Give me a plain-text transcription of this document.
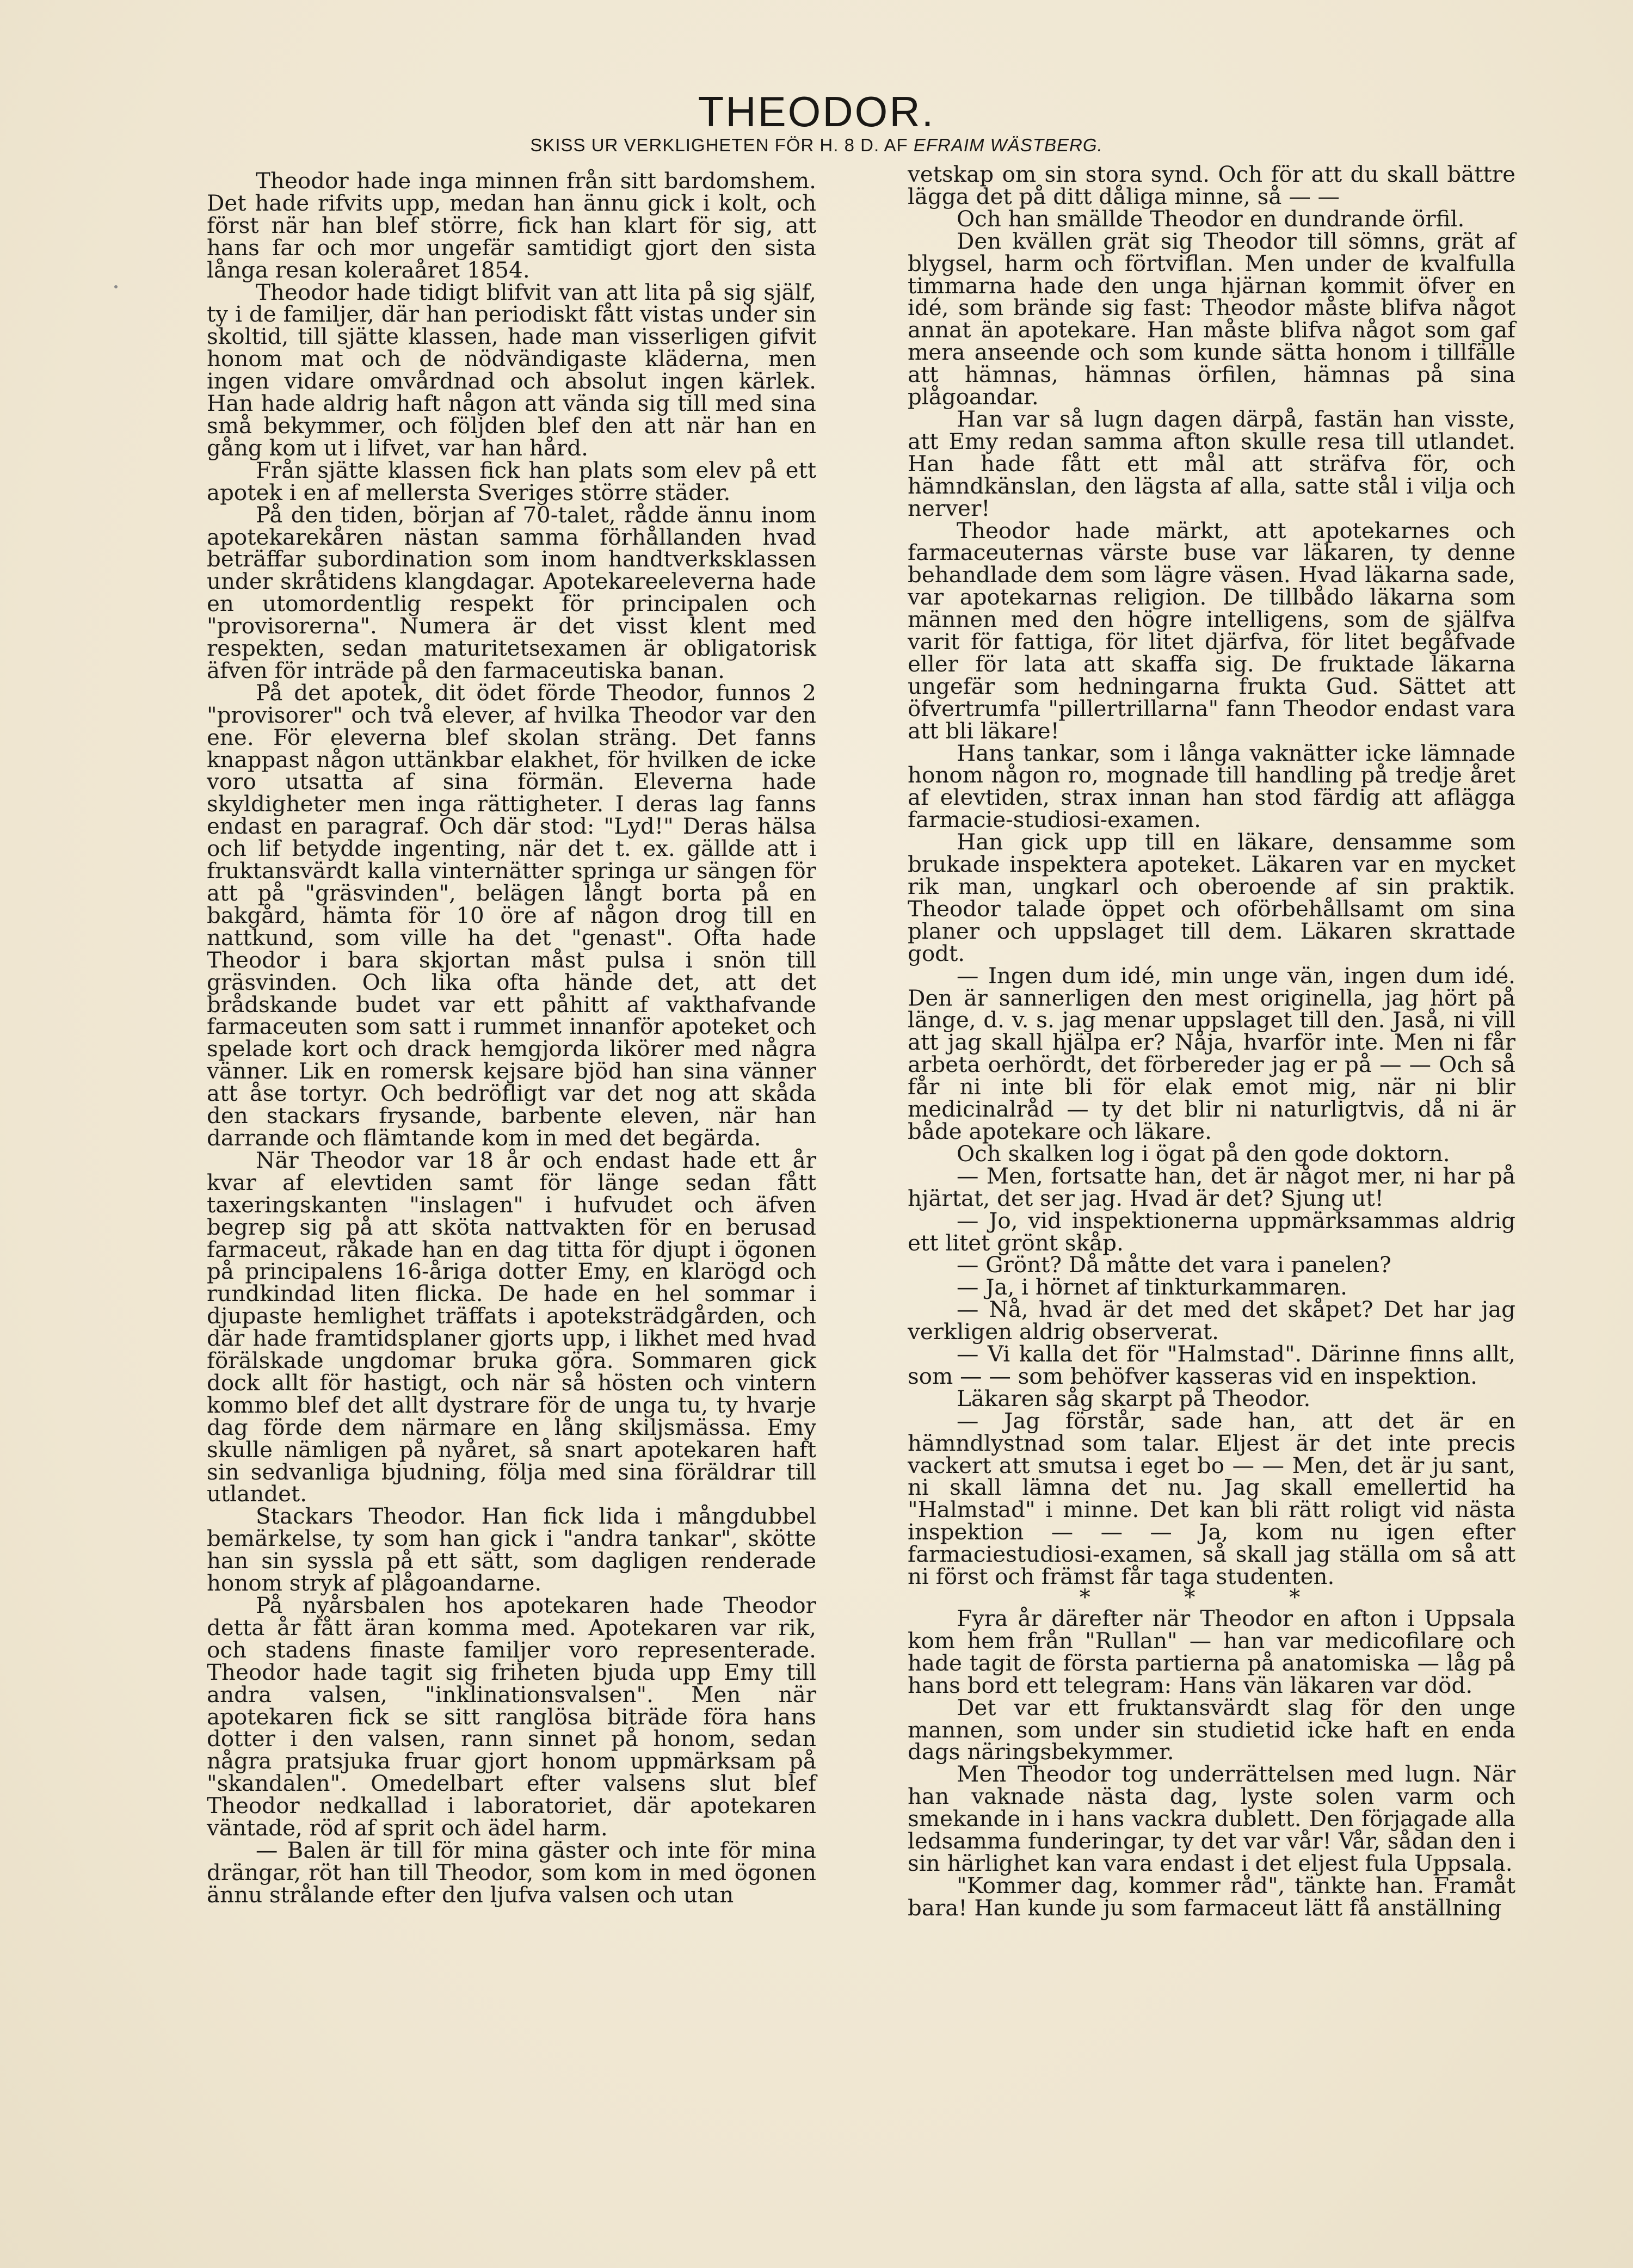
THEODOR.
SKISS UR VERKLIGHETEN FÖR H. 8 D. AF EFRAIM WÄSTBERG.

Theodor hade inga minnen från sitt bardomshem. Det hade rifvits upp, medan han ännu gick i kolt, och först när han blef större, fick han klart för sig, att hans far och mor ungefär samtidigt gjort den sista långa resan koleraåret 1854.

Theodor hade tidigt blifvit van att lita på sig själf, ty i de familjer, där han periodiskt fått vistas under sin skoltid, till sjätte klassen, hade man visserligen gifvit honom mat och de nödvändigaste kläderna, men ingen vidare omvårdnad och absolut ingen kärlek. Han hade aldrig haft någon att vända sig till med sina små bekymmer, och följden blef den att när han en gång kom ut i lifvet, var han hård.

Från sjätte klassen fick han plats som elev på ett apotek i en af mellersta Sveriges större städer.

På den tiden, början af 70-talet, rådde ännu inom apotekarekåren nästan samma förhållanden hvad beträffar subordination som inom handtverksklassen under skråtidens klangdagar. Apotekareeleverna hade en utomordentlig respekt för principalen och "provisorerna". Numera är det visst klent med respekten, sedan maturitetsexamen är obligatorisk äfven för inträde på den farmaceutiska banan.

På det apotek, dit ödet förde Theodor, funnos 2 "provisorer" och två elever, af hvilka Theodor var den ene. För eleverna blef skolan sträng. Det fanns knappast någon uttänkbar elakhet, för hvilken de icke voro utsatta af sina förmän. Eleverna hade skyldigheter men inga rättigheter. I deras lag fanns endast en paragraf. Och där stod: "Lyd!" Deras hälsa och lif betydde ingenting, när det t. ex. gällde att i fruktansvärdt kalla vinternätter springa ur sängen för att på "gräsvinden", belägen långt borta på en bakgård, hämta för 10 öre af någon drog till en nattkund, som ville ha det "genast". Ofta hade Theodor i bara skjortan måst pulsa i snön till gräsvinden. Och lika ofta hände det, att det brådskande budet var ett påhitt af vakthafvande farmaceuten som satt i rummet innanför apoteket och spelade kort och drack hemgjorda likörer med några vänner. Lik en romersk kejsare bjöd han sina vänner att åse tortyr. Och bedröfligt var det nog att skåda den stackars frysande, barbente eleven, när han darrande och flämtande kom in med det begärda.

När Theodor var 18 år och endast hade ett år kvar af elevtiden samt för länge sedan fått taxeringskanten "inslagen" i hufvudet och äfven begrep sig på att sköta nattvakten för en berusad farmaceut, råkade han en dag titta för djupt i ögonen på principalens 16-åriga dotter Emy, en klarögd och rundkindad liten flicka. De hade en hel sommar i djupaste hemlighet träffats i apoteksträdgården, och där hade framtidsplaner gjorts upp, i likhet med hvad förälskade ungdomar bruka göra. Sommaren gick dock allt för hastigt, och när så hösten och vintern kommo blef det allt dystrare för de unga tu, ty hvarje dag förde dem närmare en lång skiljsmässa. Emy skulle nämligen på nyåret, så snart apotekaren haft sin sedvanliga bjudning, följa med sina föräldrar till utlandet.

Stackars Theodor. Han fick lida i mångdubbel bemärkelse, ty som han gick i "andra tankar", skötte han sin syssla på ett sätt, som dagligen renderade honom stryk af plågoandarne.

På nyårsbalen hos apotekaren hade Theodor detta år fått äran komma med. Apotekaren var rik, och stadens finaste familjer voro representerade. Theodor hade tagit sig friheten bjuda upp Emy till andra valsen, "inklinationsvalsen". Men när apotekaren fick se sitt ranglösa biträde föra hans dotter i den valsen, rann sinnet på honom, sedan några pratsjuka fruar gjort honom uppmärksam på "skandalen". Omedelbart efter valsens slut blef Theodor nedkallad i laboratoriet, där apotekaren väntade, röd af sprit och ädel harm.

— Balen är till för mina gäster och inte för mina drängar, röt han till Theodor, som kom in med ögonen ännu strålande efter den ljufva valsen och utan

vetskap om sin stora synd. Och för att du skall bättre lägga det på ditt dåliga minne, så — —

Och han smällde Theodor en dundrande örfil.

Den kvällen grät sig Theodor till sömns, grät af blygsel, harm och förtviflan. Men under de kvalfulla timmarna hade den unga hjärnan kommit öfver en idé, som brände sig fast: Theodor måste blifva något annat än apotekare. Han måste blifva något som gaf mera anseende och som kunde sätta honom i tillfälle att hämnas, hämnas örfilen, hämnas på sina plågoandar.

Han var så lugn dagen därpå, fastän han visste, att Emy redan samma afton skulle resa till utlandet. Han hade fått ett mål att sträfva för, och hämndkänslan, den lägsta af alla, satte stål i vilja och nerver!

Theodor hade märkt, att apotekarnes och farmaceuternas värste buse var läkaren, ty denne behandlade dem som lägre väsen. Hvad läkarna sade, var apotekarnas religion. De tillbådo läkarna som männen med den högre intelligens, som de själfva varit för fattiga, för litet djärfva, för litet begåfvade eller för lata att skaffa sig. De fruktade läkarna ungefär som hedningarna frukta Gud. Sättet att öfvertrumfa "pillertrillarna" fann Theodor endast vara att bli läkare!

Hans tankar, som i långa vaknätter icke lämnade honom någon ro, mognade till handling på tredje året af elevtiden, strax innan han stod färdig att aflägga farmacie-studiosi-examen.

Han gick upp till en läkare, densamme som brukade inspektera apoteket. Läkaren var en mycket rik man, ungkarl och oberoende af sin praktik. Theodor talade öppet och oförbehållsamt om sina planer och uppslaget till dem. Läkaren skrattade godt.

— Ingen dum idé, min unge vän, ingen dum idé. Den är sannerligen den mest originella, jag hört på länge, d. v. s. jag menar uppslaget till den. Jaså, ni vill att jag skall hjälpa er? Nåja, hvarför inte. Men ni får arbeta oerhördt, det förbereder jag er på — — Och så får ni inte bli för elak emot mig, när ni blir medicinalråd — ty det blir ni naturligtvis, då ni är både apotekare och läkare.

Och skalken log i ögat på den gode doktorn.

— Men, fortsatte han, det är något mer, ni har på hjärtat, det ser jag. Hvad är det? Sjung ut!

— Jo, vid inspektionerna uppmärksammas aldrig ett litet grönt skåp.

— Grönt? Då måtte det vara i panelen?

— Ja, i hörnet af tinkturkammaren.

— Nå, hvad är det med det skåpet? Det har jag verkligen aldrig observerat.

— Vi kalla det för "Halmstad". Därinne finns allt, som — — som behöfver kasseras vid en inspektion.

Läkaren såg skarpt på Theodor.

— Jag förstår, sade han, att det är en hämndlystnad som talar. Eljest är det inte precis vackert att smutsa i eget bo — — Men, det är ju sant, ni skall lämna det nu. Jag skall emellertid ha "Halmstad" i minne. Det kan bli rätt roligt vid nästa inspektion — — — Ja, kom nu igen efter farmaciestudiosi-examen, så skall jag ställa om så att ni först och främst får taga studenten.

* * *

Fyra år därefter när Theodor en afton i Uppsala kom hem från "Rullan" — han var medicofilare och hade tagit de första partierna på anatomiska — låg på hans bord ett telegram: Hans vän läkaren var död.

Det var ett fruktansvärdt slag för den unge mannen, som under sin studietid icke haft en enda dags näringsbekymmer.

Men Theodor tog underrättelsen med lugn. När han vaknade nästa dag, lyste solen varm och smekande in i hans vackra dublett. Den förjagade alla ledsamma funderingar, ty det var vår! Vår, sådan den i sin härlighet kan vara endast i det eljest fula Uppsala.

"Kommer dag, kommer råd", tänkte han. Framåt bara! Han kunde ju som farmaceut lätt få anställning
